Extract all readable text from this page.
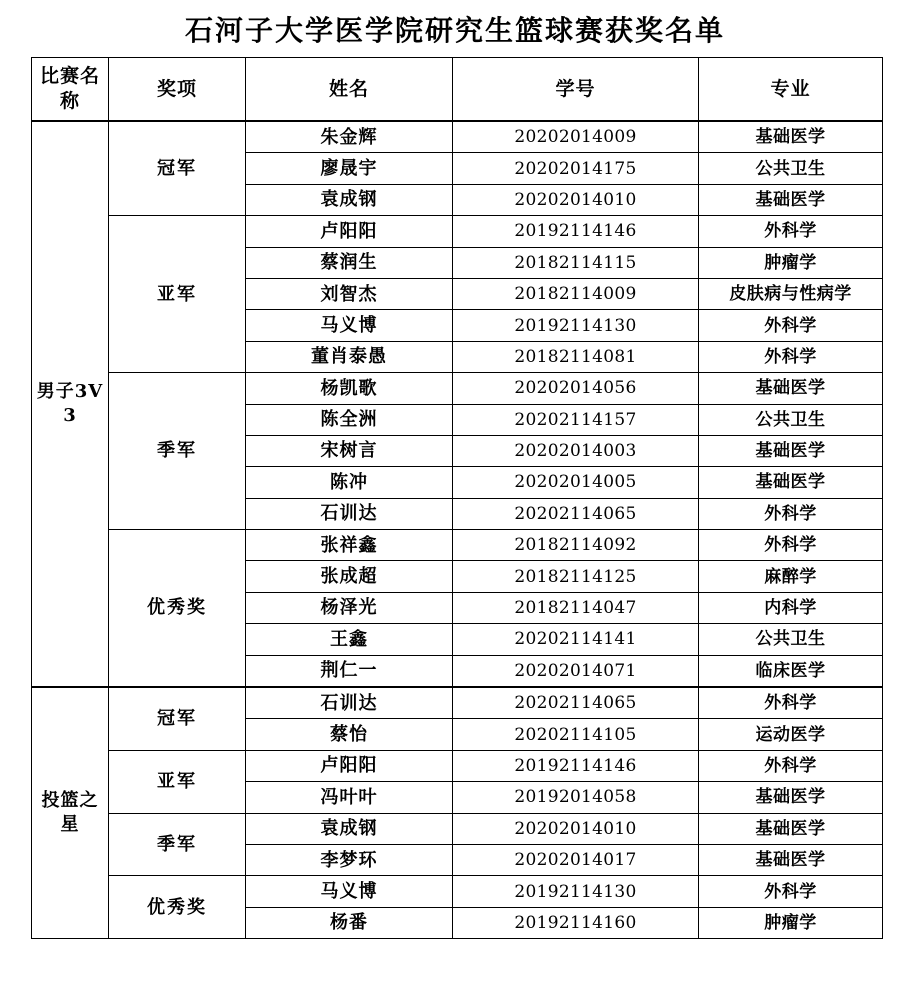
石河子大学医学院研究生篮球赛获奖名单
比赛名称	奖项	姓名	学号	专业
男子3V3	冠军	朱金辉	20202014009	基础医学
		廖晟宇	20202014175	公共卫生
		袁成钢	20202014010	基础医学
	亚军	卢阳阳	20192114146	外科学
		蔡润生	20182114115	肿瘤学
		刘智杰	20182114009	皮肤病与性病学
		马义博	20192114130	外科学
		董肖泰愚	20182114081	外科学
	季军	杨凯歌	20202014056	基础医学
		陈全洲	20202114157	公共卫生
		宋树言	20202014003	基础医学
		陈冲	20202014005	基础医学
		石训达	20202114065	外科学
	优秀奖	张祥鑫	20182114092	外科学
		张成超	20182114125	麻醉学
		杨泽光	20182114047	内科学
		王鑫	20202114141	公共卫生
		荆仁一	20202014071	临床医学
投篮之星	冠军	石训达	20202114065	外科学
		蔡怡	20202114105	运动医学
	亚军	卢阳阳	20192114146	外科学
		冯叶叶	20192014058	基础医学
	季军	袁成钢	20202014010	基础医学
		李梦环	20202014017	基础医学
	优秀奖	马义博	20192114130	外科学
		杨番	20192114160	肿瘤学
